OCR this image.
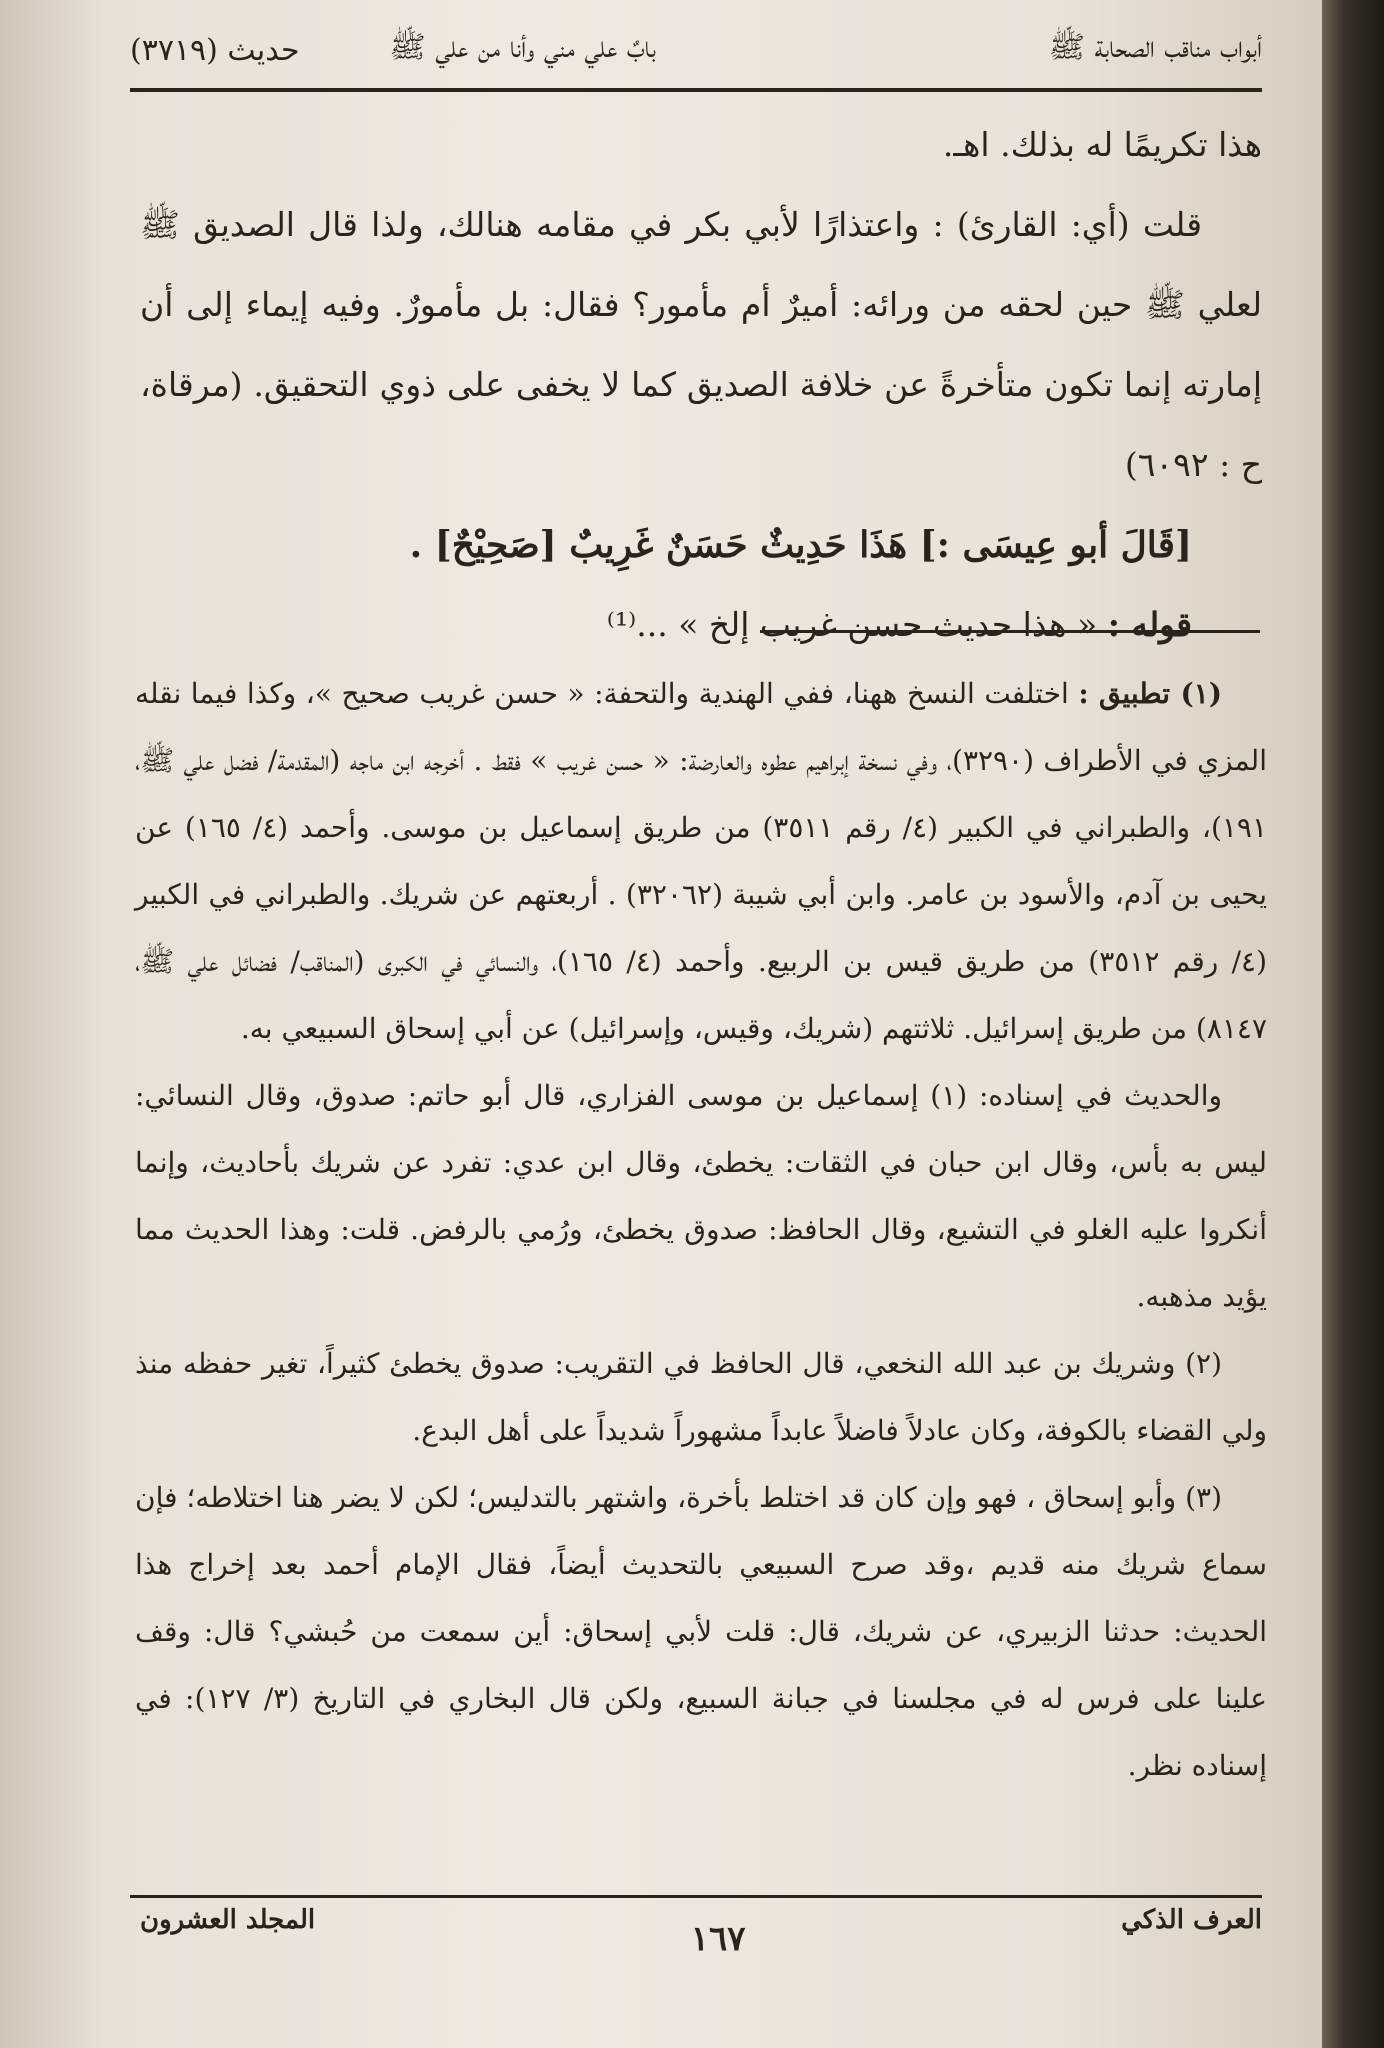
أبواب مناقب الصحابة ﷺ
بابٌ علي مني وأنا من علي ﷺ
حديث (٣٧١٩)

هذا تكريمًا له بذلك. اهـ.

قلت (أي: القارئ) : واعتذارًا لأبي بكر في مقامه هنالك، ولذا قال الصديق ﷺ لعلي ﷺ حين لحقه من ورائه: أميرٌ أم مأمور؟ فقال: بل مأمورٌ. وفيه إيماء إلى أن إمارته إنما تكون متأخرةً عن خلافة الصديق كما لا يخفى على ذوي التحقيق. (مرقاة، ح : ٦٠٩٢)

[قَالَ أبو عِيسَى :] هَذَا حَدِيثٌ حَسَنٌ غَرِيبٌ [صَحِيْحٌ] .

قوله : « هذا حديث حسن غريب إلخ » ...⁽¹⁾

(١) تطبيق : اختلفت النسخ ههنا، ففي الهندية والتحفة: « حسن غريب صحيح »، وكذا فيما نقله المزي في الأطراف (٣٢٩٠)، وفي نسخة إبراهيم عطوه والعارضة: « حسن غريب » فقط . أخرجه ابن ماجه (المقدمة/ فضل علي ﷺ، ١٩١)، والطبراني في الكبير (٤/ رقم ٣٥١١) من طريق إسماعيل بن موسى. وأحمد (٤/ ١٦٥) عن يحيى بن آدم، والأسود بن عامر. وابن أبي شيبة (٣٢٠٦٢) . أربعتهم عن شريك. والطبراني في الكبير (٤/ رقم ٣٥١٢) من طريق قيس بن الربيع. وأحمد (٤/ ١٦٥)، والنسائي في الكبرى (المناقب/ فضائل علي ﷺ، ٨١٤٧) من طريق إسرائيل. ثلاثتهم (شريك، وقيس، وإسرائيل) عن أبي إسحاق السبيعي به.

والحديث في إسناده: (١) إسماعيل بن موسى الفزاري، قال أبو حاتم: صدوق، وقال النسائي: ليس به بأس، وقال ابن حبان في الثقات: يخطئ، وقال ابن عدي: تفرد عن شريك بأحاديث، وإنما أنكروا عليه الغلو في التشيع، وقال الحافظ: صدوق يخطئ، ورُمي بالرفض. قلت: وهذا الحديث مما يؤيد مذهبه.

(٢) وشريك بن عبد الله النخعي، قال الحافظ في التقريب: صدوق يخطئ كثيراً، تغير حفظه منذ ولي القضاء بالكوفة، وكان عادلاً فاضلاً عابداً مشهوراً شديداً على أهل البدع.

(٣) وأبو إسحاق ، فهو وإن كان قد اختلط بأخرة، واشتهر بالتدليس؛ لكن لا يضر هنا اختلاطه؛ فإن سماع شريك منه قديم ،وقد صرح السبيعي بالتحديث أيضاً، فقال الإمام أحمد بعد إخراج هذا الحديث: حدثنا الزبيري، عن شريك، قال: قلت لأبي إسحاق: أين سمعت من حُبشي؟ قال: وقف علينا على فرس له في مجلسنا في جبانة السبيع، ولكن قال البخاري في التاريخ (٣/ ١٢٧): في إسناده نظر.

العرف الذكي
١٦٧
المجلد العشرون
